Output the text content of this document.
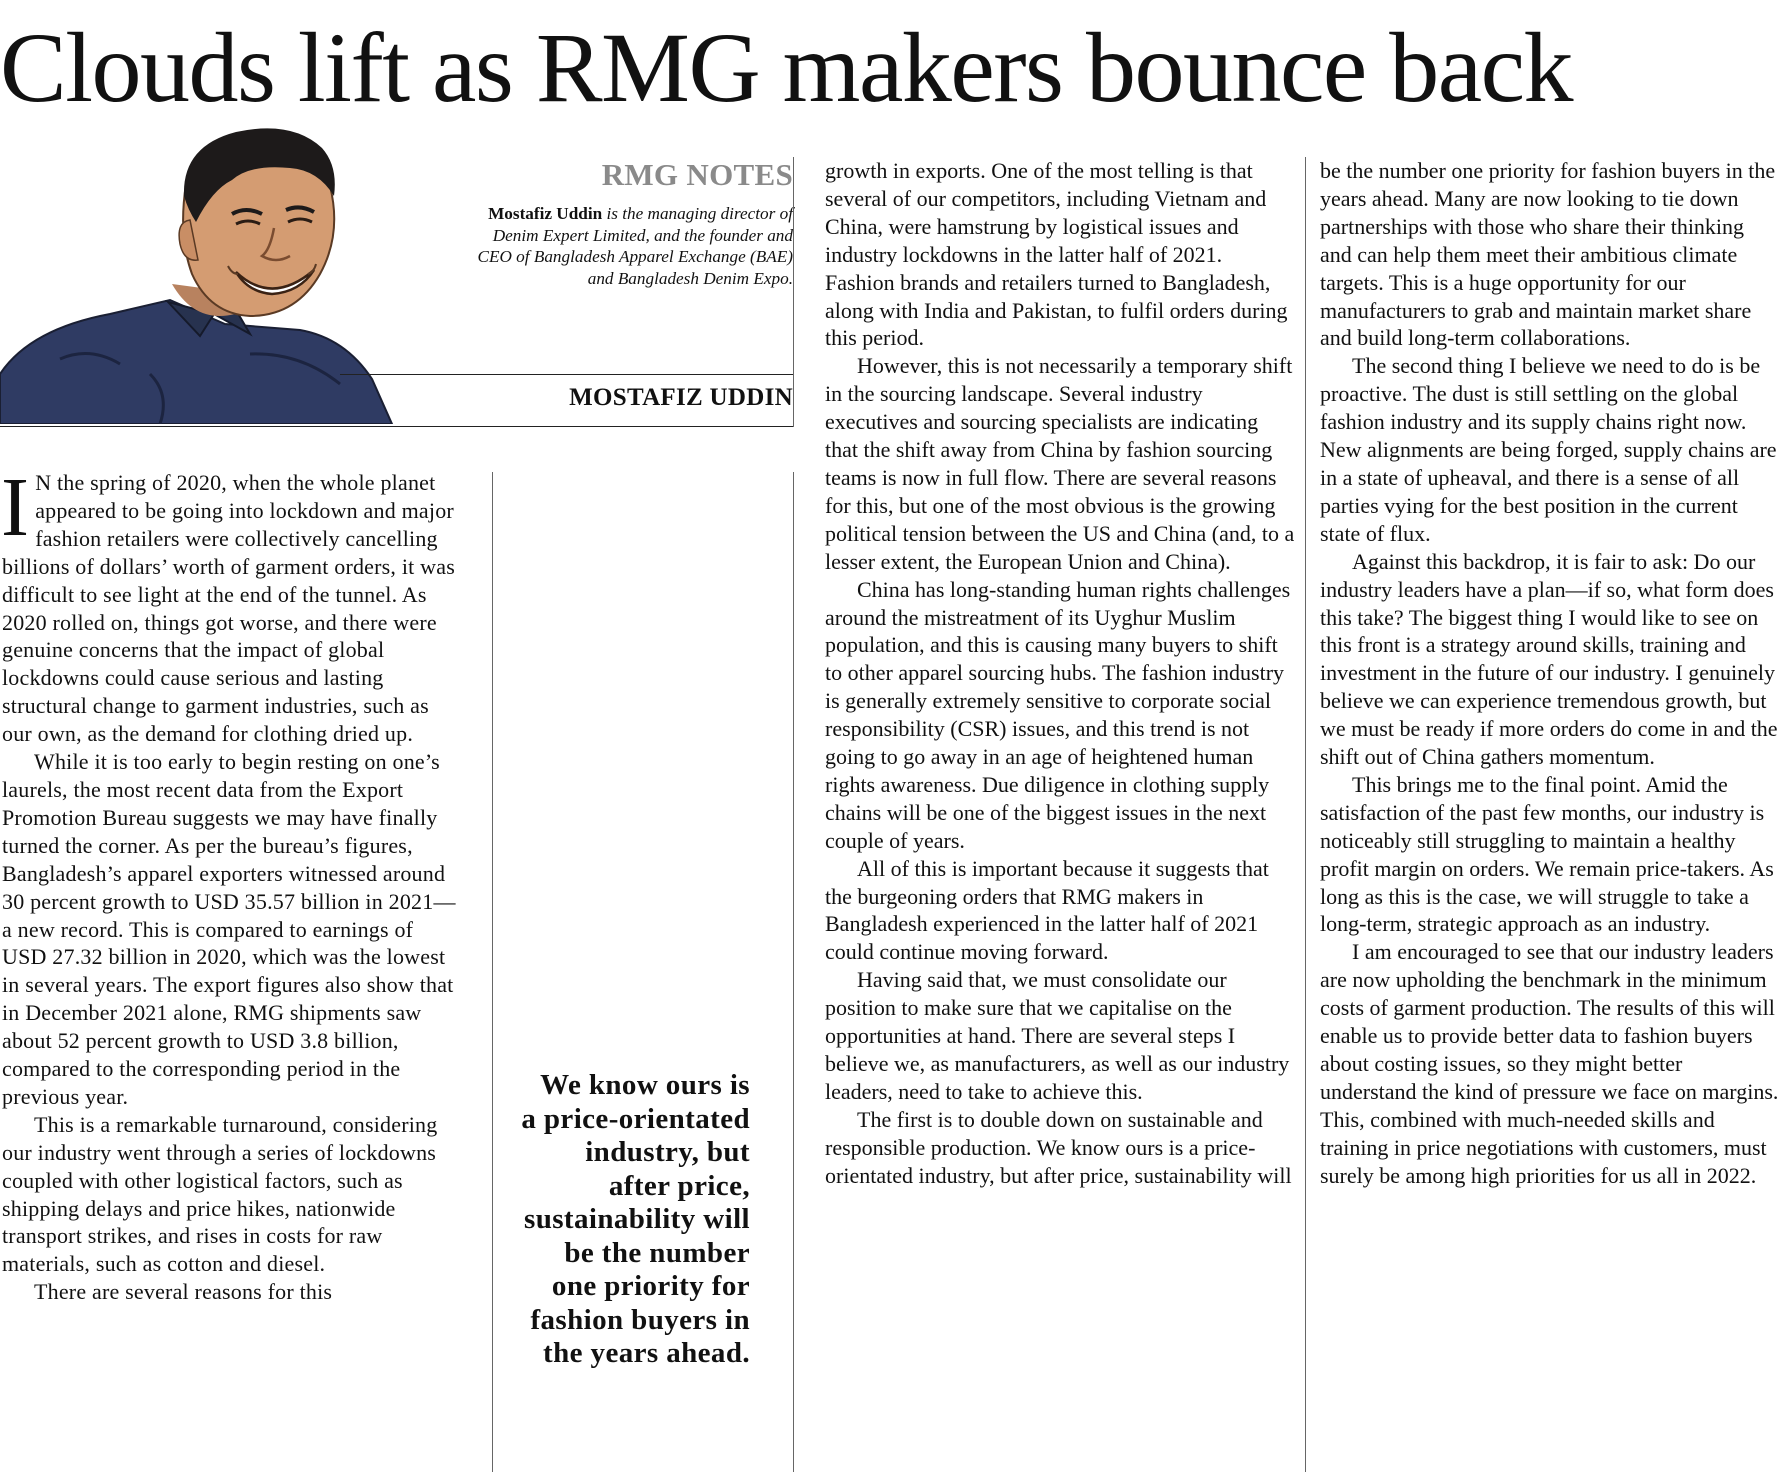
Clouds lift as RMG makers bounce back
RMG NOTES

Mostafiz Uddin is the managing director of Denim Expert Limited, and the founder and CEO of Bangladesh Apparel Exchange (BAE) and Bangladesh Denim Expo.

MOSTAFIZ UDDIN

I N the spring of 2020, when the whole planet appeared to be going into lockdown and major fashion retailers were collectively cancelling billions of dollars’ worth of garment orders, it was difficult to see light at the end of the tunnel. As 2020 rolled on, things got worse, and there were genuine concerns that the impact of global lockdowns could cause serious and lasting structural change to garment industries, such as our own, as the demand for clothing dried up.

While it is too early to begin resting on one’s laurels, the most recent data from the Export Promotion Bureau suggests we may have finally turned the corner. As per the bureau’s figures, Bangladesh’s apparel exporters witnessed around 30 percent growth to USD 35.57 billion in 2021—a new record. This is compared to earnings of USD 27.32 billion in 2020, which was the lowest in several years. The export figures also show that in December 2021 alone, RMG shipments saw about 52 percent growth to USD 3.8 billion, compared to the corresponding period in the previous year.

This is a remarkable turnaround, considering our industry went through a series of lockdowns coupled with other logistical factors, such as shipping delays and price hikes, nationwide transport strikes, and rises in costs for raw materials, such as cotton and diesel.

There are several reasons for this

We know ours is a price-orientated industry, but after price, sustainability will be the number one priority for fashion buyers in the years ahead.

growth in exports. One of the most telling is that several of our competitors, including Vietnam and China, were hamstrung by logistical issues and industry lockdowns in the latter half of 2021. Fashion brands and retailers turned to Bangladesh, along with India and Pakistan, to fulfil orders during this period.

However, this is not necessarily a temporary shift in the sourcing landscape. Several industry executives and sourcing specialists are indicating that the shift away from China by fashion sourcing teams is now in full flow. There are several reasons for this, but one of the most obvious is the growing political tension between the US and China (and, to a lesser extent, the European Union and China).

China has long-standing human rights challenges around the mistreatment of its Uyghur Muslim population, and this is causing many buyers to shift to other apparel sourcing hubs. The fashion industry is generally extremely sensitive to corporate social responsibility (CSR) issues, and this trend is not going to go away in an age of heightened human rights awareness. Due diligence in clothing supply chains will be one of the biggest issues in the next couple of years.

All of this is important because it suggests that the burgeoning orders that RMG makers in Bangladesh experienced in the latter half of 2021 could continue moving forward.

Having said that, we must consolidate our position to make sure that we capitalise on the opportunities at hand. There are several steps I believe we, as manufacturers, as well as our industry leaders, need to take to achieve this.

The first is to double down on sustainable and responsible production. We know ours is a price-orientated industry, but after price, sustainability will

be the number one priority for fashion buyers in the years ahead. Many are now looking to tie down partnerships with those who share their thinking and can help them meet their ambitious climate targets. This is a huge opportunity for our manufacturers to grab and maintain market share and build long-term collaborations.

The second thing I believe we need to do is be proactive. The dust is still settling on the global fashion industry and its supply chains right now. New alignments are being forged, supply chains are in a state of upheaval, and there is a sense of all parties vying for the best position in the current state of flux.

Against this backdrop, it is fair to ask: Do our industry leaders have a plan—if so, what form does this take? The biggest thing I would like to see on this front is a strategy around skills, training and investment in the future of our industry. I genuinely believe we can experience tremendous growth, but we must be ready if more orders do come in and the shift out of China gathers momentum.

This brings me to the final point. Amid the satisfaction of the past few months, our industry is noticeably still struggling to maintain a healthy profit margin on orders. We remain price-takers. As long as this is the case, we will struggle to take a long-term, strategic approach as an industry.

I am encouraged to see that our industry leaders are now upholding the benchmark in the minimum costs of garment production. The results of this will enable us to provide better data to fashion buyers about costing issues, so they might better understand the kind of pressure we face on margins. This, combined with much-needed skills and training in price negotiations with customers, must surely be among high priorities for us all in 2022.
